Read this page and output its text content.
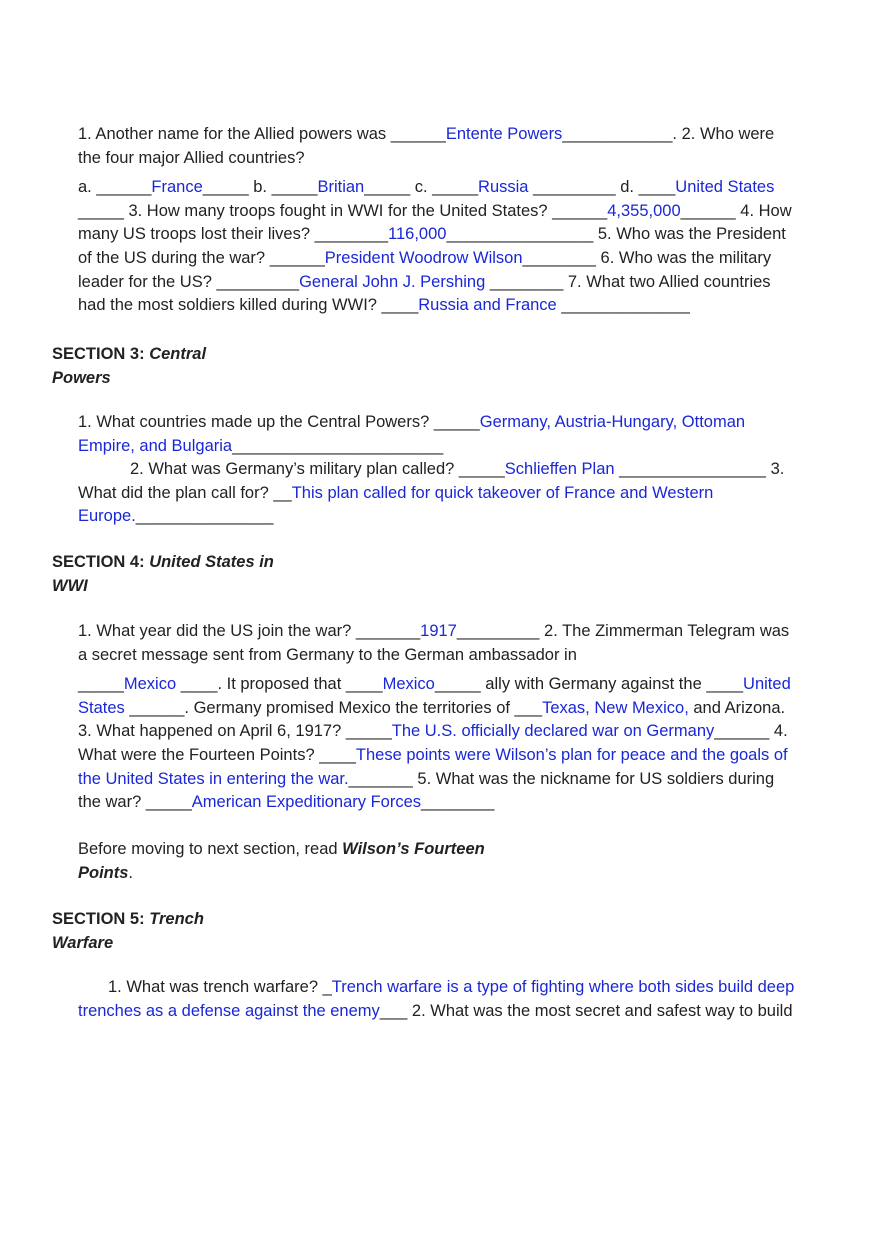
1. Another name for the Allied powers was ______Entente Powers____________. 2. Who were
the four major Allied countries?
a. ______France_____ b. _____Britian_____ c. _____Russia _________ d. ____United States
_____ 3. How many troops fought in WWI for the United States? ______4,355,000______ 4. How
many US troops lost their lives? ________116,000________________ 5. Who was the President
of the US during the war? ______President Woodrow Wilson________ 6. Who was the military
leader for the US? _________General John J. Pershing ________ 7. What two Allied countries
had the most soldiers killed during WWI? ____Russia and France ______________
SECTION 3: Central
Powers
1. What countries made up the Central Powers? _____Germany, Austria-Hungary, Ottoman
Empire, and Bulgaria_______________________
2. What was Germany’s military plan called? _____Schlieffen Plan ________________ 3.
What did the plan call for? __This plan called for quick takeover of France and Western
Europe._______________
SECTION 4: United States in
WWI
1. What year did the US join the war? _______1917_________ 2. The Zimmerman Telegram was
a secret message sent from Germany to the German ambassador in
_____Mexico ____. It proposed that ____Mexico_____ ally with Germany against the ____United
States ______. Germany promised Mexico the territories of ___Texas, New Mexico, and Arizona.
3. What happened on April 6, 1917? _____The U.S. officially declared war on Germany______ 4.
What were the Fourteen Points? ____These points were Wilson’s plan for peace and the goals of
the United States in entering the war._______ 5. What was the nickname for US soldiers during
the war? _____American Expeditionary Forces________
Before moving to next section, read Wilson’s Fourteen
Points.
SECTION 5: Trench
Warfare
1. What was trench warfare? _Trench warfare is a type of fighting where both sides build deep
trenches as a defense against the enemy___ 2. What was the most secret and safest way to build
